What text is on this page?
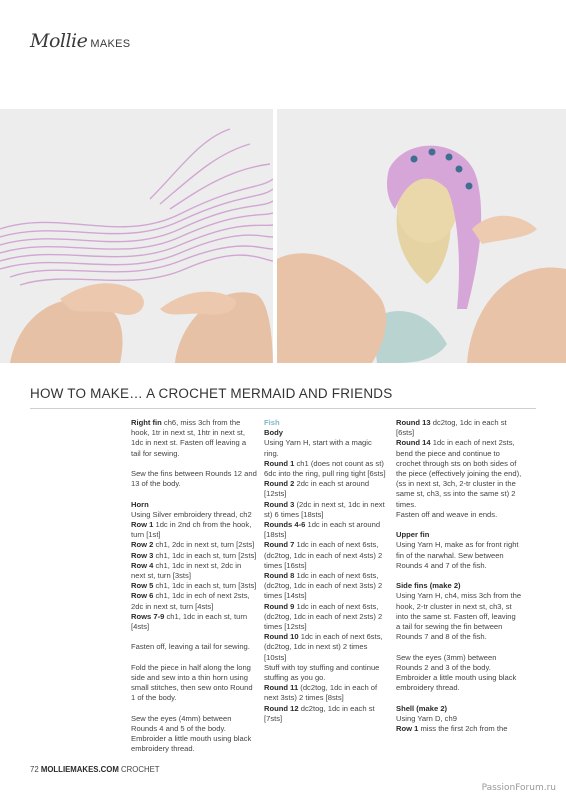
Mollie MAKES
HOW TO MAKE… A CROCHET MERMAID AND FRIENDS

Right fin ch6, miss 3ch from the hook, 1tr in next st, 1htr in next st, 1dc in next st. Fasten off leaving a tail for sewing.

Sew the fins between Rounds 12 and 13 of the body.

Horn

Using Silver embroidery thread, ch2

Row 1 1dc in 2nd ch from the hook, turn [1st]

Row 2 ch1, 2dc in next st, turn [2sts]

Row 3 ch1, 1dc in each st, turn [2sts]

Row 4 ch1, 1dc in next st, 2dc in next st, turn [3sts]

Row 5 ch1, 1dc in each st, turn [3sts]

Row 6 ch1, 1dc in ech of next 2sts, 2dc in next st, turn [4sts]

Rows 7-9 ch1, 1dc in each st, turn [4sts]

Fasten off, leaving a tail for sewing.

Fold the piece in half along the long side and sew into a thin horn using small stitches, then sew onto Round 1 of the body.

Sew the eyes (4mm) between Rounds 4 and 5 of the body. Embroider a little mouth using black embroidery thread.

Fish
Body

Using Yarn H, start with a magic ring.

Round 1 ch1 (does not count as st) 6dc into the ring, pull ring tight [6sts]

Round 2 2dc in each st around [12sts]

Round 3 (2dc in next st, 1dc in next st) 6 times [18sts]

Rounds 4-6 1dc in each st around [18sts]

Round 7 1dc in each of next 6sts, (dc2tog, 1dc in each of next 4sts) 2 times [16sts]

Round 8 1dc in each of next 6sts, (dc2tog, 1dc in each of next 3sts) 2 times [14sts]

Round 9 1dc in each of next 6sts, (dc2tog, 1dc in each of next 2sts) 2 times [12sts]

Round 10 1dc in each of next 6sts, (dc2tog, 1dc in next st) 2 times [10sts]

Stuff with toy stuffing and continue stuffing as you go.

Round 11 (dc2tog, 1dc in each of next 3sts) 2 times [8sts]

Round 12 dc2tog, 1dc in each st [7sts]

Round 13 dc2tog, 1dc in each st [6sts]

Round 14 1dc in each of next 2sts, bend the piece and continue to crochet through sts on both sides of the piece (effectively joining the end), (ss in next st, 3ch, 2-tr cluster in the same st, ch3, ss into the same st) 2 times.

Fasten off and weave in ends.

Upper fin

Using Yarn H, make as for front right fin of the narwhal. Sew between Rounds 4 and 7 of the fish.

Side fins (make 2)

Using Yarn H, ch4, miss 3ch from the hook, 2-tr cluster in next st, ch3, st into the same st. Fasten off, leaving a tail for sewing the fin between Rounds 7 and 8 of the fish.

Sew the eyes (3mm) between Rounds 2 and 3 of the body. Embroider a little mouth using black embroidery thread.

Shell (make 2)

Using Yarn D, ch9

Row 1 miss the first 2ch from the

72 MOLLIEMAKES.COM CROCHET
PassionForum.ru
